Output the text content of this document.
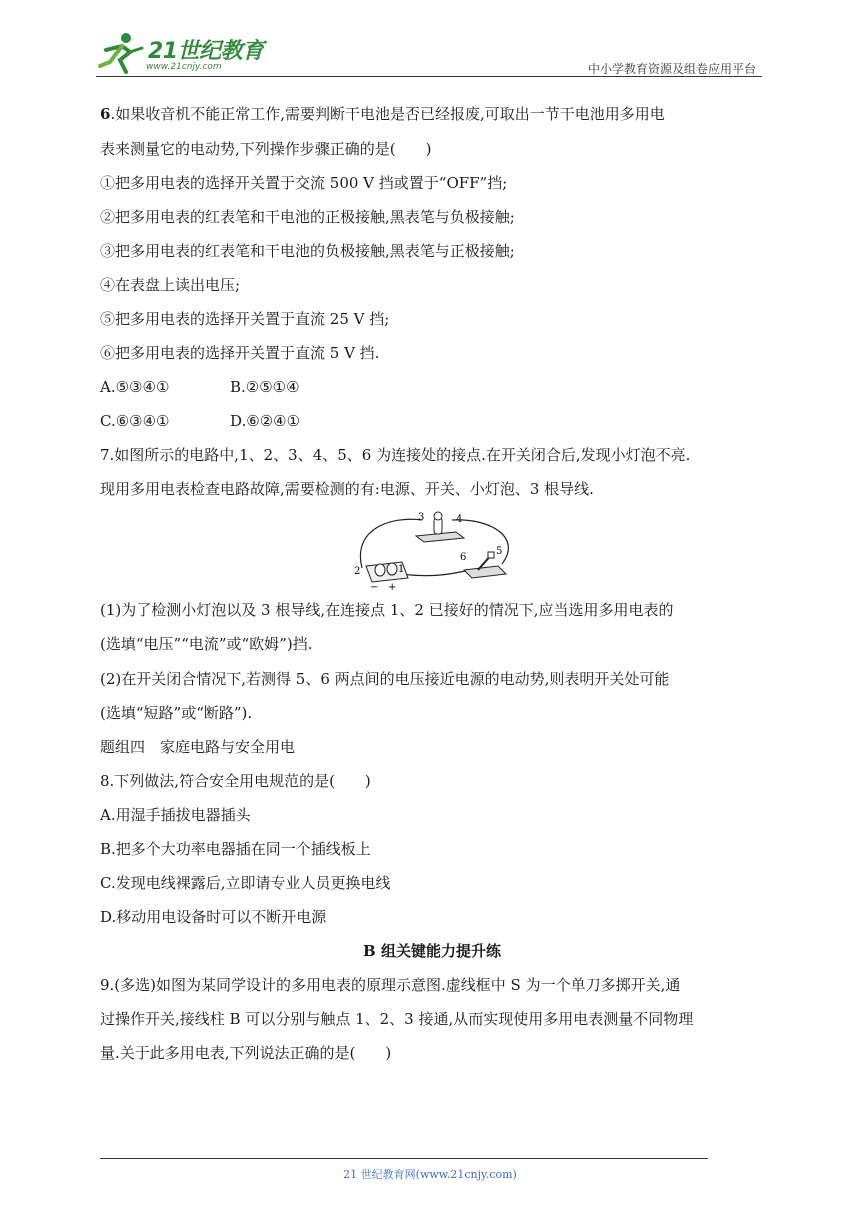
21世纪教育
www.21cnjy.com	中小学教育资源及组卷应用平台
6.如果收音机不能正常工作,需要判断干电池是否已经报废,可取出一节干电池用多用电
表来测量它的电动势,下列操作步骤正确的是(　　)
①把多用电表的选择开关置于交流 500 V 挡或置于“OFF”挡;
②把多用电表的红表笔和干电池的正极接触,黑表笔与负极接触;
③把多用电表的红表笔和干电池的负极接触,黑表笔与正极接触;
④在表盘上读出电压;
⑤把多用电表的选择开关置于直流 25 V 挡;
⑥把多用电表的选择开关置于直流 5 V 挡.
A.⑤③④①	B.②⑤①④
C.⑥③④①	D.⑥②④①
7.如图所示的电路中,1、2、3、4、5、6 为连接处的接点.在开关闭合后,发现小灯泡不亮.
现用多用电表检查电路故障,需要检测的有:电源、开关、小灯泡、3 根导线.
(1)为了检测小灯泡以及 3 根导线,在连接点 1、2 已接好的情况下,应当选用多用电表的
(选填“电压”“电流”或“欧姆”)挡.
(2)在开关闭合情况下,若测得 5、6 两点间的电压接近电源的电动势,则表明开关处可能
(选填“短路”或“断路”).
题组四　家庭电路与安全用电
8.下列做法,符合安全用电规范的是(　　)
A.用湿手插拔电器插头
B.把多个大功率电器插在同一个插线板上
C.发现电线裸露后,立即请专业人员更换电线
D.移动用电设备时可以不断开电源
B 组关键能力提升练
9.(多选)如图为某同学设计的多用电表的原理示意图.虚线框中 S 为一个单刀多掷开关,通
过操作开关,接线柱 B 可以分别与触点 1、2、3 接通,从而实现使用多用电表测量不同物理
量.关于此多用电表,下列说法正确的是(　　)
3	4
2	1
6
5
− +
21 世纪教育网(www.21cnjy.com)
